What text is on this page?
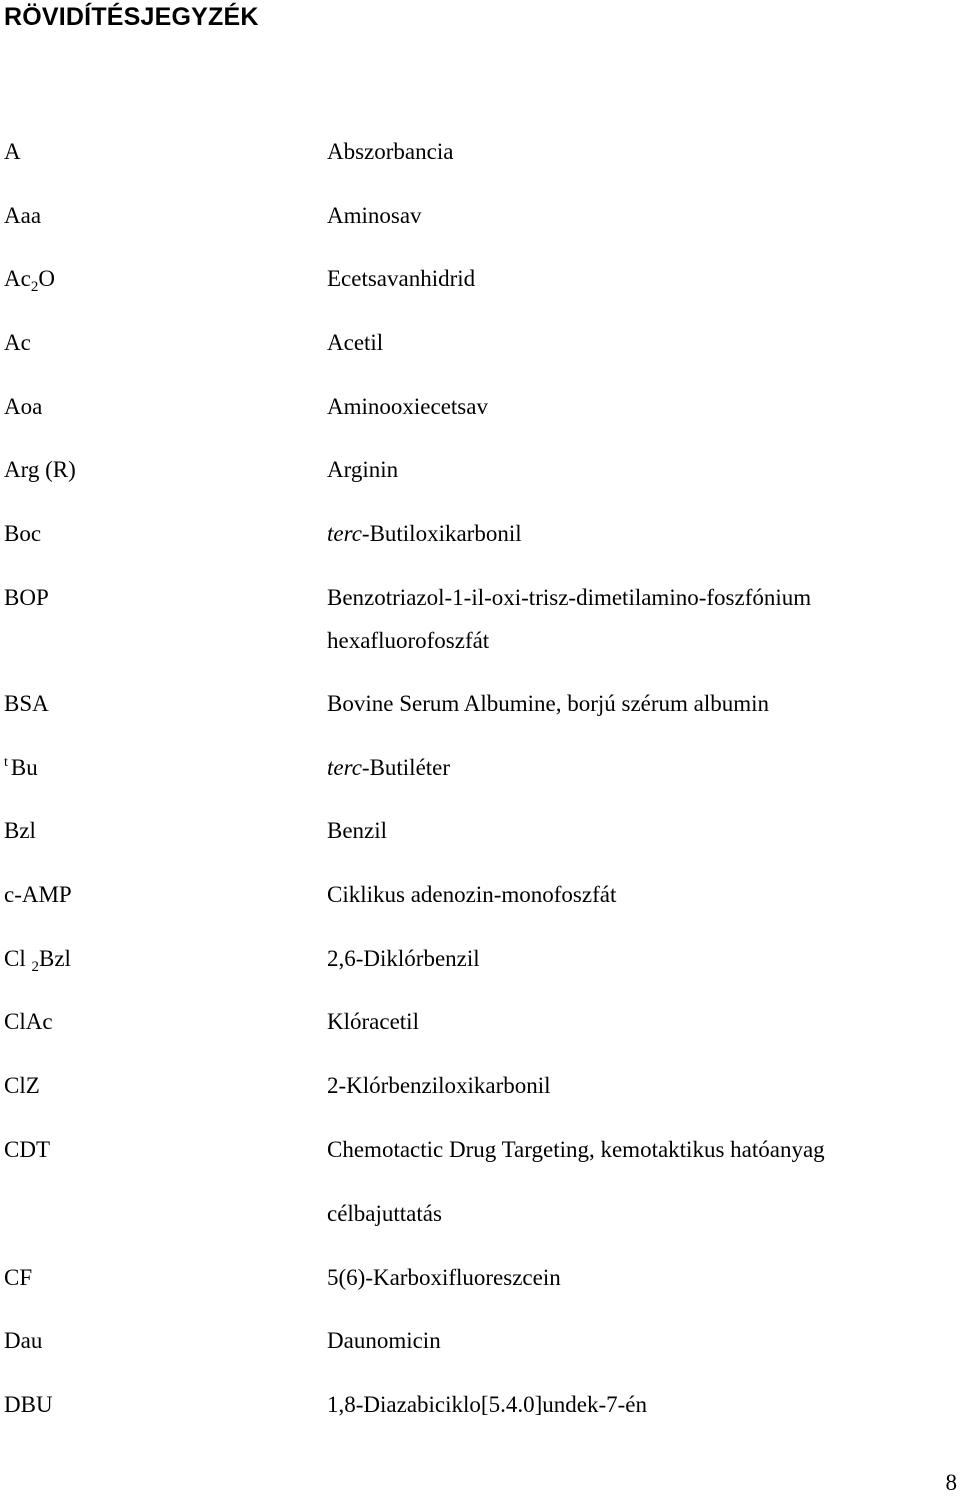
RÖVIDÍTÉSJEGYZÉK
A	Abszorbancia
Aaa	Aminosav
$Ac_2O$	Ecetsavanhidrid
Ac	Acetil
Aoa	Aminooxiecetsav
Arg (R)	Arginin
Boc	terc-Butiloxikarbonil
BOP	Benzotriazol-1-il-oxi-trisz-dimetilamino-foszfónium
hexafluorofoszfát
BSA	Bovine Serum Albumine, borjú szérum albumin
$^t$ Bu	terc-Butiléter
Bzl	Benzil
c-AMP	Ciklikus adenozin-monofoszfát
Cl $_2$Bzl	2,6-Diklórbenzil
ClAc	Klóracetil
ClZ	2-Klórbenziloxikarbonil
CDT	Chemotactic Drug Targeting, kemotaktikus hatóanyag
célbajuttatás
CF	5(6)-Karboxifluoreszcein
Dau	Daunomicin
DBU	1,8-Diazabiciklo[5.4.0]undek-7-én
8
